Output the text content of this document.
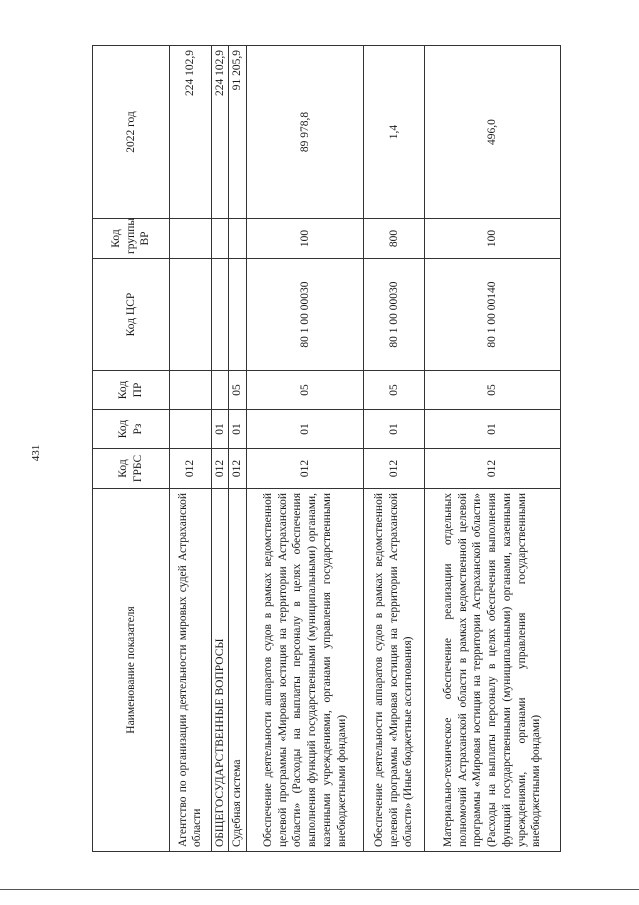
431
Наименование показателя	Код ГРБС	Код Рз	Код ПР	Код ЦСР	Код группы ВР	2022 год
Агентство по организации деятельности мировых судей Астраханской области	012					224 102,9
ОБЩЕГОСУДАРСТВЕННЫЕ ВОПРОСЫ	012	01				224 102,9
Судебная система	012	01	05			91 205,9
Обеспечение деятельности аппаратов судов в рамках ведомственной целевой программы «Мировая юстиция на территории Астраханской области» (Расходы на выплаты персоналу в целях обеспечения выполнения функций государственными (муниципальными) органами, казенными учреждениями, органами управления государственными внебюджетными фондами)	012	01	05	80 1 00 00030	100	89 978,8
Обеспечение деятельности аппаратов судов в рамках ведомственной целевой программы «Мировая юстиция на территории Астраханской области» (Иные бюджетные ассигнования)	012	01	05	80 1 00 00030	800	1,4
Материально-техническое обеспечение реализации отдельных полномочий Астраханской области в рамках ведомственной целевой программы «Мировая юстиция на территории Астраханской области» (Расходы на выплаты персоналу в целях обеспечения выполнения функций государственными (муниципальными) органами, казенными учреждениями, органами управления государственными внебюджетными фондами)	012	01	05	80 1 00 00140	100	496,0
